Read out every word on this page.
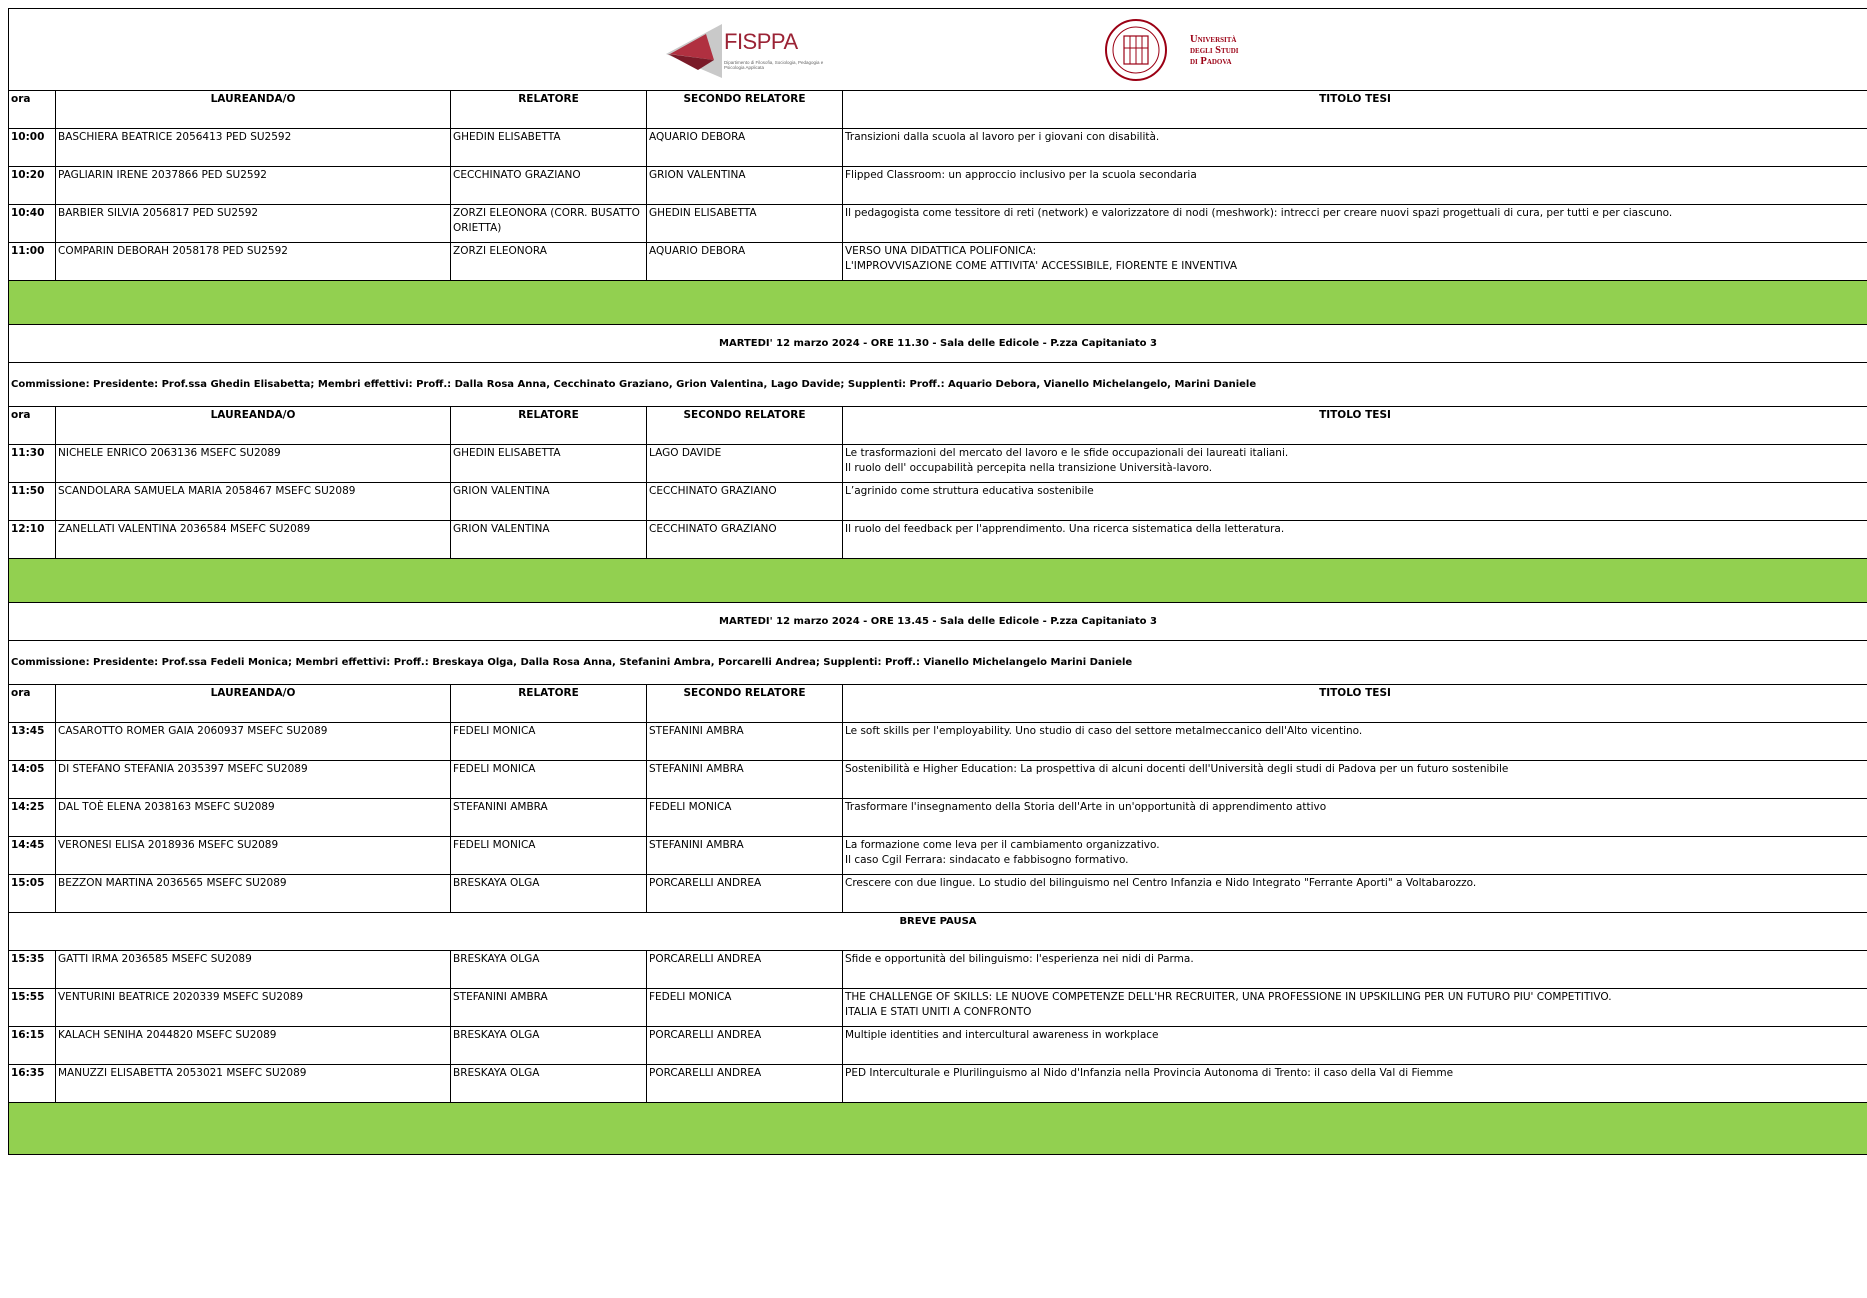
FISPPA
Dipartimento di Filosofia, Sociologia, Pedagogia e Psicologia Applicata
Università
degli Studi
di Padova				

ora	LAUREANDA/O	RELATORE	SECONDO RELATORE	TITOLO TESI
10:00	BASCHIERA BEATRICE 2056413 PED SU2592	GHEDIN ELISABETTA	AQUARIO DEBORA	Transizioni dalla scuola al lavoro per i giovani con disabilità.

10:20	PAGLIARIN IRENE 2037866 PED SU2592	CECCHINATO GRAZIANO	GRION VALENTINA	Flipped Classroom: un approccio inclusivo per la scuola secondaria

10:40	BARBIER SILVIA 2056817 PED SU2592	ZORZI ELEONORA (CORR. BUSATTO ORIETTA)	GHEDIN ELISABETTA	Il pedagogista come tessitore di reti (network) e valorizzatore di nodi (meshwork): intrecci per creare nuovi spazi progettuali di cura, per tutti e per ciascuno.

11:00	COMPARIN DEBORAH 2058178 PED SU2592	ZORZI ELEONORA	AQUARIO DEBORA	VERSO UNA DIDATTICA POLIFONICA:
L'IMPROVVISAZIONE COME ATTIVITA' ACCESSIBILE, FIORENTE E INVENTIVA

MARTEDI' 12 marzo 2024 - ORE 11.30 - Sala delle Edicole - P.zza Capitaniato 3				
Commissione: Presidente: Prof.ssa Ghedin Elisabetta; Membri effettivi: Proff.: Dalla Rosa Anna, Cecchinato Graziano, Grion Valentina, Lago Davide; Supplenti: Proff.: Aquario Debora, Vianello Michelangelo, Marini Daniele				
ora	LAUREANDA/O	RELATORE	SECONDO RELATORE	TITOLO TESI
11:30	NICHELE ENRICO 2063136 MSEFC SU2089	GHEDIN ELISABETTA	LAGO DAVIDE	Le trasformazioni del mercato del lavoro e le sfide occupazionali dei laureati italiani.
Il ruolo dell' occupabilità percepita nella transizione Università-lavoro.

11:50	SCANDOLARA SAMUELA MARIA 2058467 MSEFC SU2089	GRION VALENTINA	CECCHINATO GRAZIANO	L’agrinido come struttura educativa sostenibile

12:10	ZANELLATI VALENTINA 2036584 MSEFC SU2089	GRION VALENTINA	CECCHINATO GRAZIANO	Il ruolo del feedback per l'apprendimento. Una ricerca sistematica della letteratura.

MARTEDI' 12 marzo 2024 - ORE 13.45 - Sala delle Edicole - P.zza Capitaniato 3				
Commissione: Presidente: Prof.ssa Fedeli Monica; Membri effettivi: Proff.: Breskaya Olga, Dalla Rosa Anna, Stefanini Ambra, Porcarelli Andrea; Supplenti: Proff.: Vianello Michelangelo Marini Daniele				
ora	LAUREANDA/O	RELATORE	SECONDO RELATORE	TITOLO TESI
13:45	CASAROTTO ROMER GAIA 2060937 MSEFC SU2089	FEDELI MONICA	STEFANINI AMBRA	Le soft skills per l'employability. Uno studio di caso del settore metalmeccanico dell'Alto vicentino.

14:05	DI STEFANO STEFANIA 2035397 MSEFC SU2089	FEDELI MONICA	STEFANINI AMBRA	Sostenibilità e Higher Education: La prospettiva di alcuni docenti dell'Università degli studi di Padova per un futuro sostenibile

14:25	DAL TOÈ ELENA 2038163 MSEFC SU2089	STEFANINI AMBRA	FEDELI MONICA	Trasformare l'insegnamento della Storia dell'Arte in un'opportunità di apprendimento attivo

14:45	VERONESI ELISA 2018936 MSEFC SU2089	FEDELI MONICA	STEFANINI AMBRA	La formazione come leva per il cambiamento organizzativo.
Il caso Cgil Ferrara: sindacato e fabbisogno formativo.

15:05	BEZZON MARTINA 2036565 MSEFC SU2089	BRESKAYA OLGA	PORCARELLI ANDREA	Crescere con due lingue. Lo studio del bilinguismo nel Centro Infanzia e Nido Integrato "Ferrante Aporti" a Voltabarozzo.

BREVE PAUSA				
15:35	GATTI IRMA 2036585 MSEFC SU2089	BRESKAYA OLGA	PORCARELLI ANDREA	Sfide e opportunità del bilinguismo: l'esperienza nei nidi di Parma.

15:55	VENTURINI BEATRICE 2020339 MSEFC SU2089	STEFANINI AMBRA	FEDELI MONICA	THE CHALLENGE OF SKILLS: LE NUOVE COMPETENZE DELL'HR RECRUITER, UNA PROFESSIONE IN UPSKILLING PER UN FUTURO PIU' COMPETITIVO.
ITALIA E STATI UNITI A CONFRONTO

16:15	KALACH SENIHA 2044820 MSEFC SU2089	BRESKAYA OLGA	PORCARELLI ANDREA	Multiple identities and intercultural awareness in workplace

16:35	MANUZZI ELISABETTA 2053021 MSEFC SU2089	BRESKAYA OLGA	PORCARELLI ANDREA	PED Interculturale e Plurilinguismo al Nido d'Infanzia nella Provincia Autonoma di Trento: il caso della Val di Fiemme
